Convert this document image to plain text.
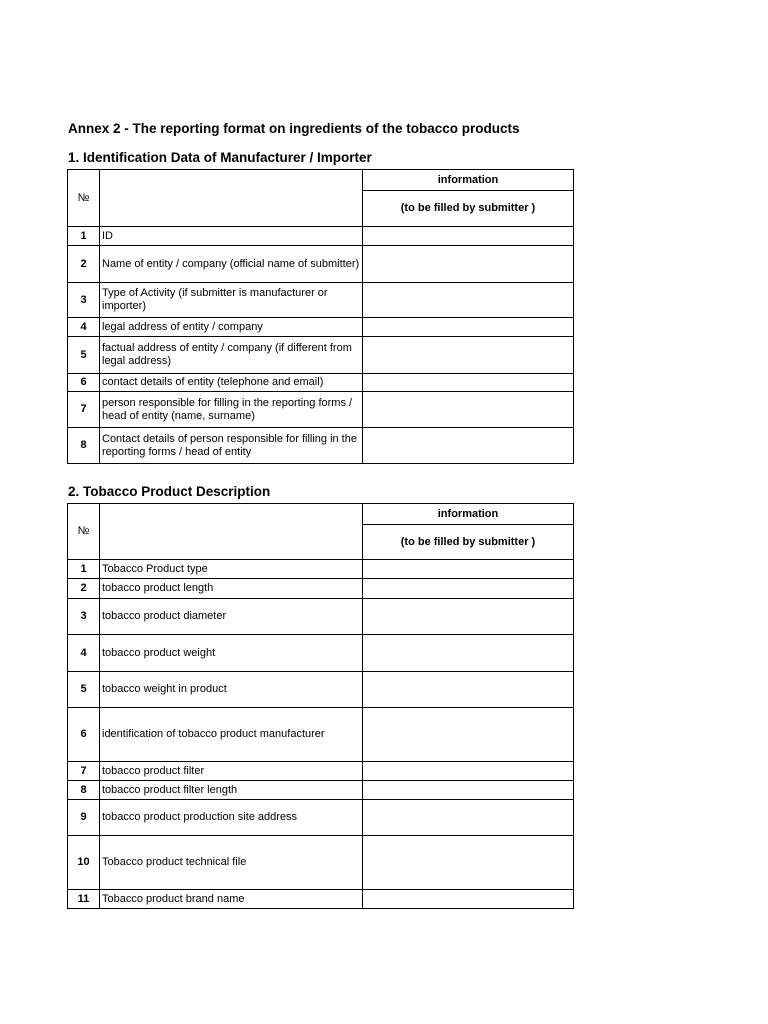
Annex 2 - The reporting format on ingredients of the tobacco products
1. Identification Data of Manufacturer / Importer
№		information
		(to be filled by submitter )
1	ID	
2	Name of entity / company (official name of submitter)	
3	Type of Activity (if submitter is manufacturer or importer)	
4	legal address of entity / company	
5	factual address of entity / company (if different from legal address)	
6	contact details of entity (telephone and email)	
7	person responsible for filling in the reporting forms / head of entity (name, surname)	
8	Contact details of person responsible for filling in the reporting forms / head of entity	
2. Tobacco Product Description
№		information
		(to be filled by submitter )
1	Tobacco Product type	
2	tobacco product length	
3	tobacco product diameter	
4	tobacco product weight	
5	tobacco weight in product	
6	identification of tobacco product manufacturer	
7	tobacco product filter	
8	tobacco product filter length	
9	tobacco product production site address	
10	Tobacco product technical file	
11	Tobacco product brand name	
